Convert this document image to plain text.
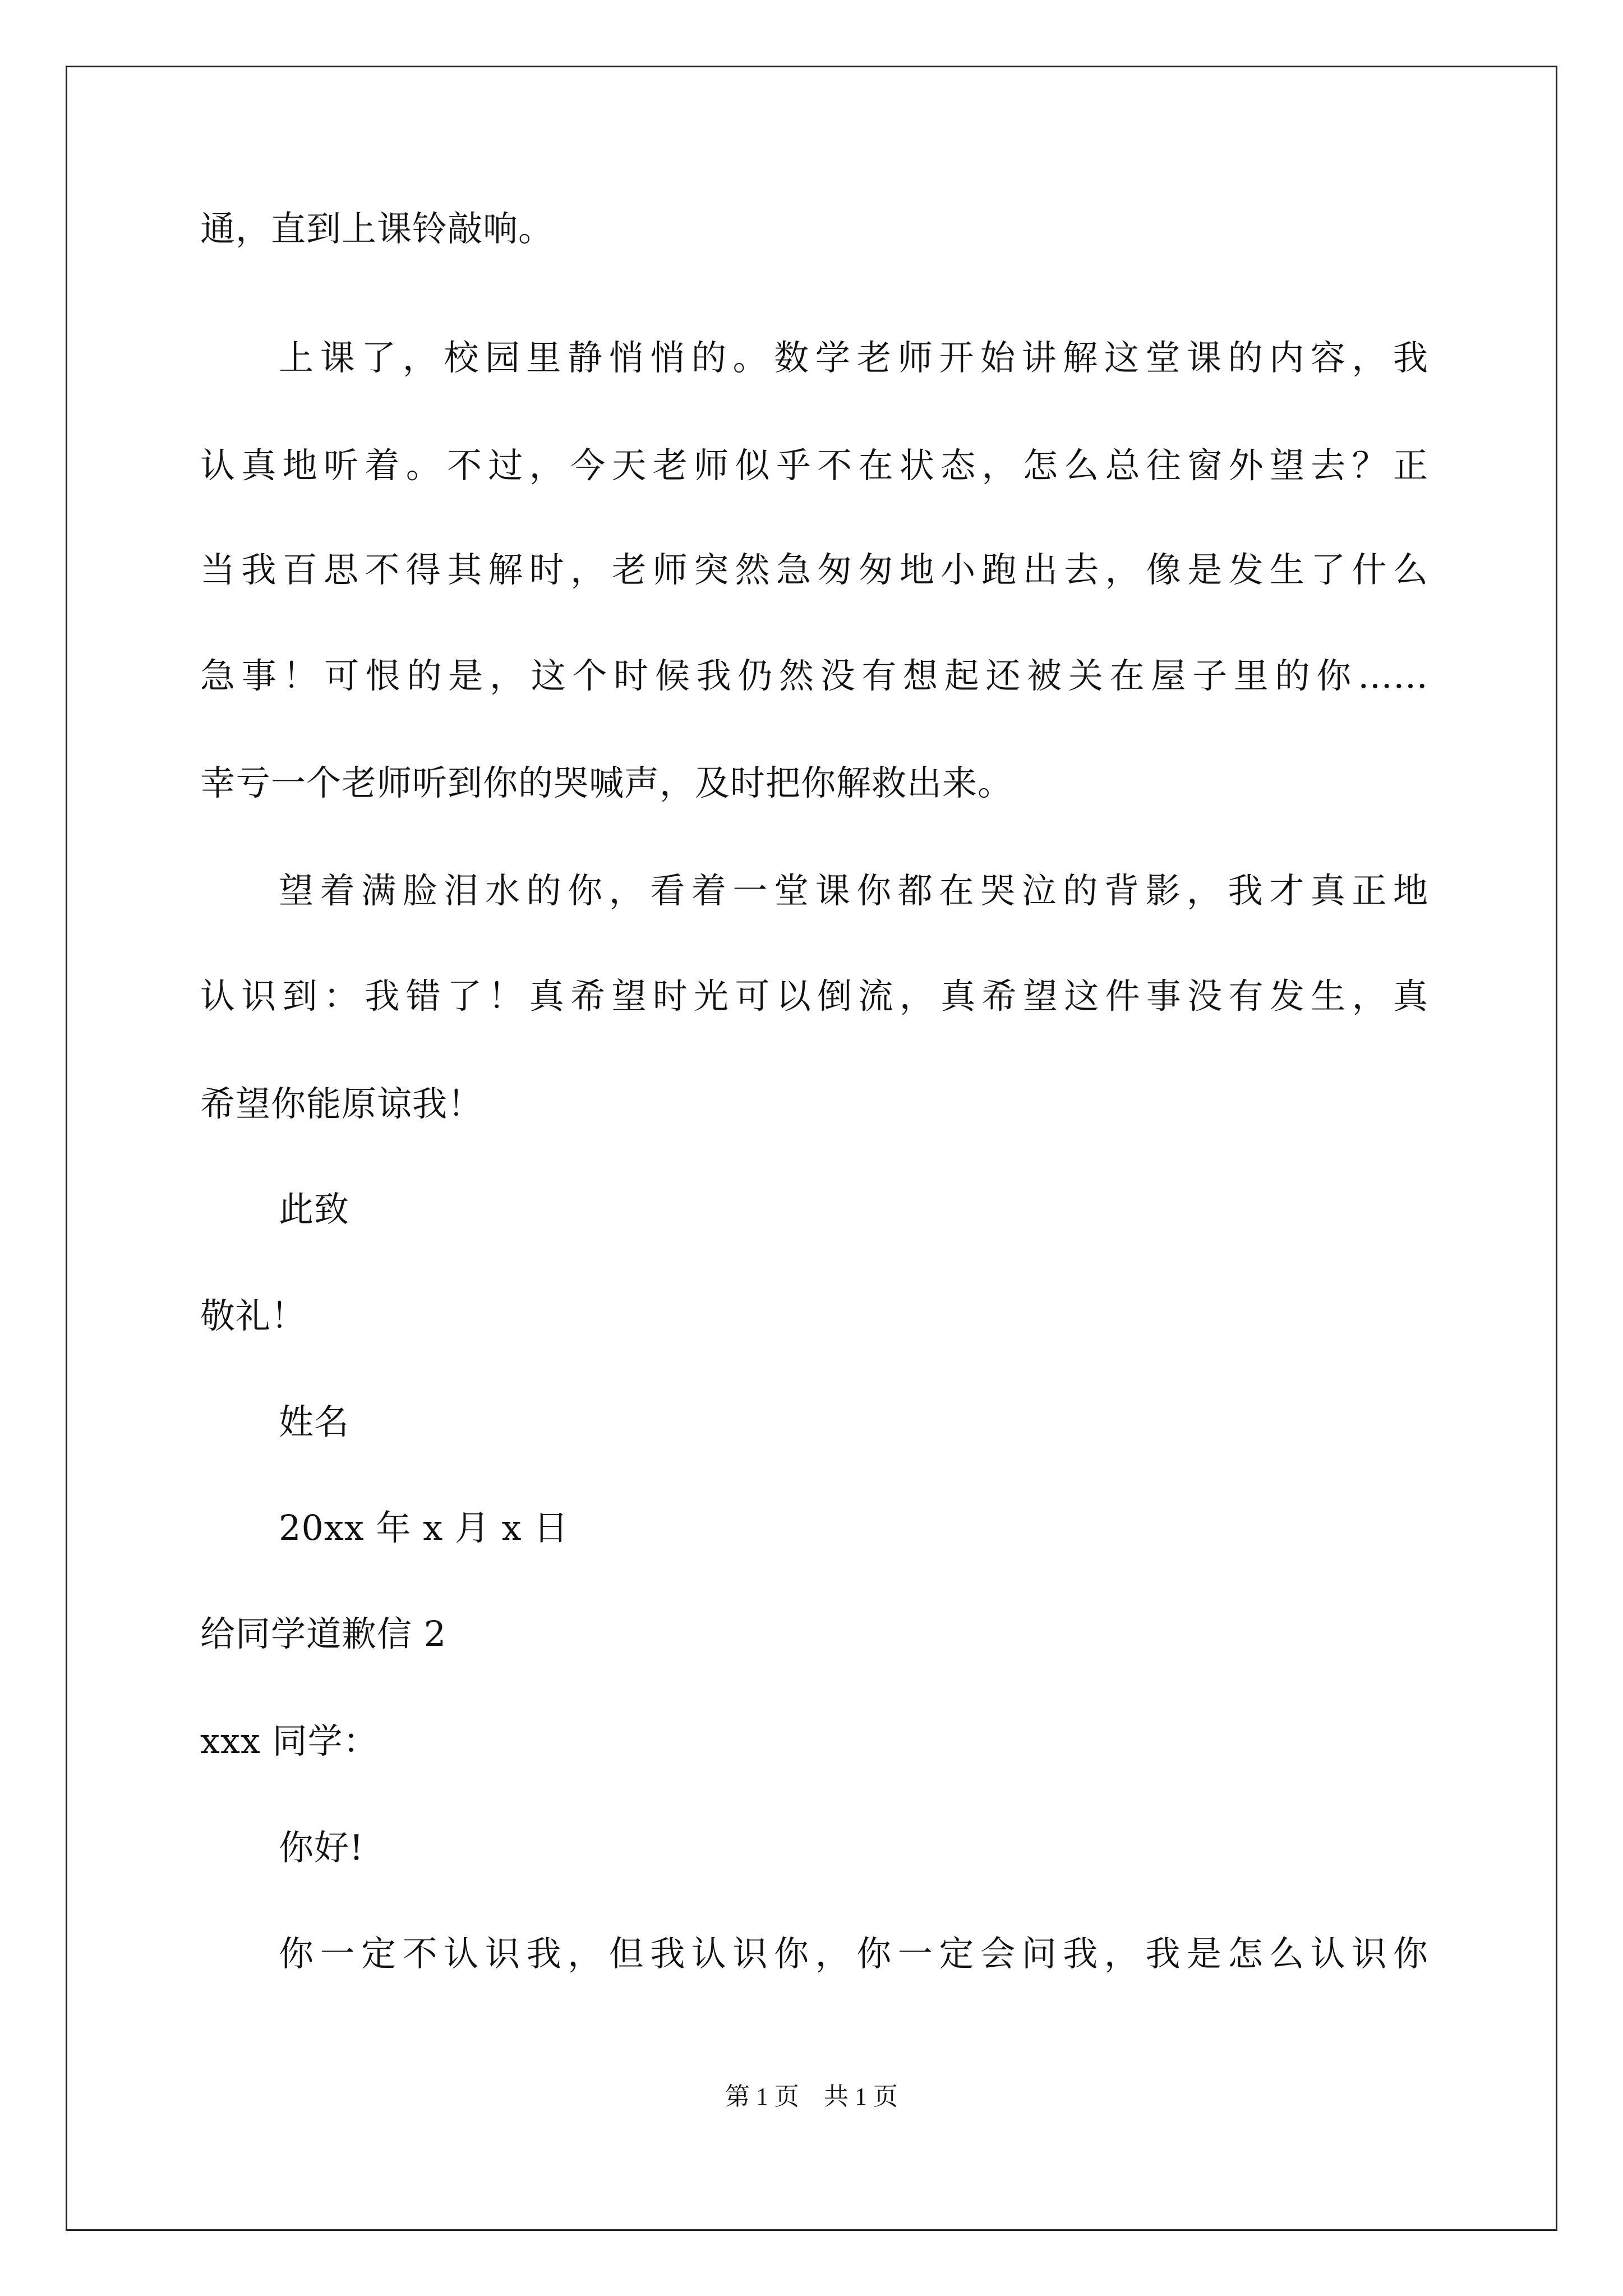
通，直到上课铃敲响。
上课了，校园里静悄悄的。数学老师开始讲解这堂课的内容，我
认真地听着。不过，今天老师似乎不在状态，怎么总往窗外望去？正
当我百思不得其解时，老师突然急匆匆地小跑出去，像是发生了什么
急事！可恨的是，这个时候我仍然没有想起还被关在屋子里的你……
幸亏一个老师听到你的哭喊声，及时把你解救出来。
望着满脸泪水的你，看着一堂课你都在哭泣的背影，我才真正地
认识到：我错了！真希望时光可以倒流，真希望这件事没有发生，真
希望你能原谅我！
此致
敬礼！
姓名
20xx 年 x 月 x 日
给同学道歉信 2
xxx 同学：
你好!
你一定不认识我，但我认识你，你一定会问我，我是怎么认识你
第 1 页　共 1 页
